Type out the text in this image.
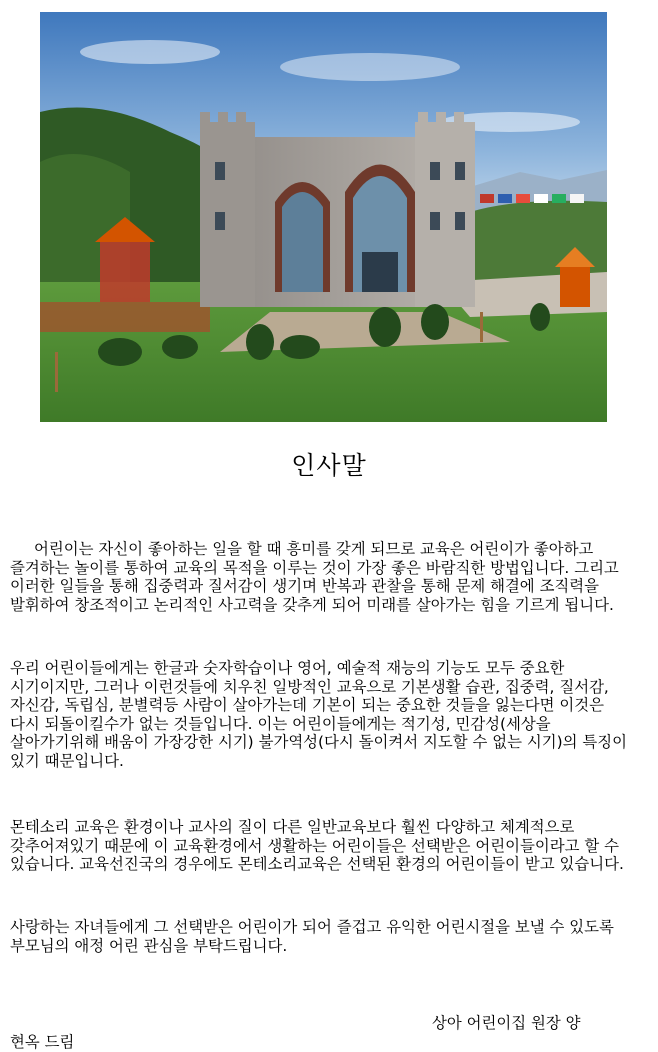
인사말

어린이는 자신이 좋아하는 일을 할 때 흥미를 갖게 되므로 교육은 어린이가 좋아하고 즐겨하는 놀이를 통하여 교육의 목적을 이루는 것이 가장 좋은 바람직한 방법입니다. 그리고 이러한 일들을 통해 집중력과 질서감이 생기며 반복과 관찰을 통해 문제 해결에 조직력을 발휘하여 창조적이고 논리적인 사고력을 갖추게 되어 미래를 살아가는 힘을 기르게 됩니다.

우리 어린이들에게는 한글과 숫자학습이나 영어, 예술적 재능의 기능도 모두 중요한 시기이지만, 그러나 이런것들에 치우친 일방적인 교육으로 기본생활 습관, 집중력, 질서감, 자신감, 독립심, 분별력등 사람이 살아가는데 기본이 되는 중요한 것들을 잃는다면 이것은 다시 되돌이킬수가 없는 것들입니다. 이는 어린이들에게는 적기성, 민감성(세상을 살아가기위해 배움이 가장강한 시기) 불가역성(다시 돌이켜서 지도할 수 없는 시기)의 특징이 있기 때문입니다.

몬테소리 교육은 환경이나 교사의 질이 다른 일반교육보다 훨씬 다양하고 체계적으로 갖추어져있기 때문에 이 교육환경에서 생활하는 어린이들은 선택받은 어린이들이라고 할 수 있습니다. 교육선진국의 경우에도 몬테소리교육은 선택된 환경의 어린이들이 받고 있습니다.

사랑하는 자녀들에게 그 선택받은 어린이가 되어 즐겁고 유익한 어린시절을 보낼 수 있도록 부모님의 애정 어린 관심을 부탁드립니다.

상아 어린이집 원장 양
현옥 드림
